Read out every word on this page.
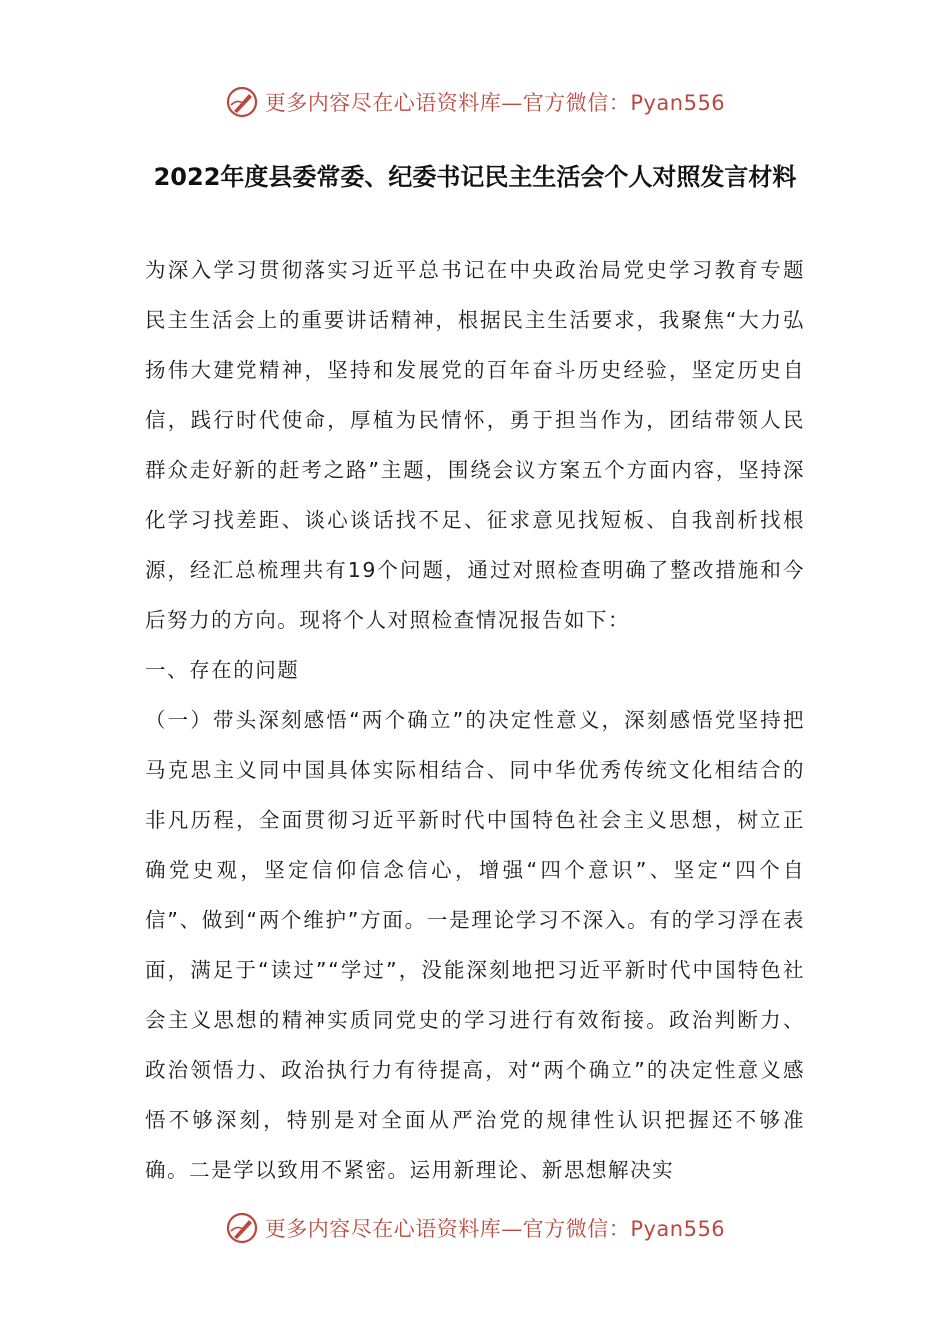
更多内容尽在心语资料库—官方微信：Pyan556
2022年度县委常委、纪委书记民主生活会个人对照发言材料

为深入学习贯彻落实习近平总书记在中央政治局党史学习教育专题民主生活会上的重要讲话精神，根据民主生活要求，我聚焦“大力弘扬伟大建党精神，坚持和发展党的百年奋斗历史经验，坚定历史自信，践行时代使命，厚植为民情怀，勇于担当作为，团结带领人民群众走好新的赶考之路”主题，围绕会议方案五个方面内容，坚持深化学习找差距、谈心谈话找不足、征求意见找短板、自我剖析找根源，经汇总梳理共有19个问题，通过对照检查明确了整改措施和今后努力的方向。现将个人对照检查情况报告如下：

一、存在的问题

（一）带头深刻感悟“两个确立”的决定性意义，深刻感悟党坚持把马克思主义同中国具体实际相结合、同中华优秀传统文化相结合的非凡历程，全面贯彻习近平新时代中国特色社会主义思想，树立正确党史观，坚定信仰信念信心，增强“四个意识”、坚定“四个自信”、做到“两个维护”方面。一是理论学习不深入。有的学习浮在表面，满足于“读过”“学过”，没能深刻地把习近平新时代中国特色社会主义思想的精神实质同党史的学习进行有效衔接。政治判断力、政治领悟力、政治执行力有待提高，对“两个确立”的决定性意义感悟不够深刻，特别是对全面从严治党的规律性认识把握还不够准确。二是学以致用不紧密。运用新理论、新思想解决实

更多内容尽在心语资料库—官方微信：Pyan556
